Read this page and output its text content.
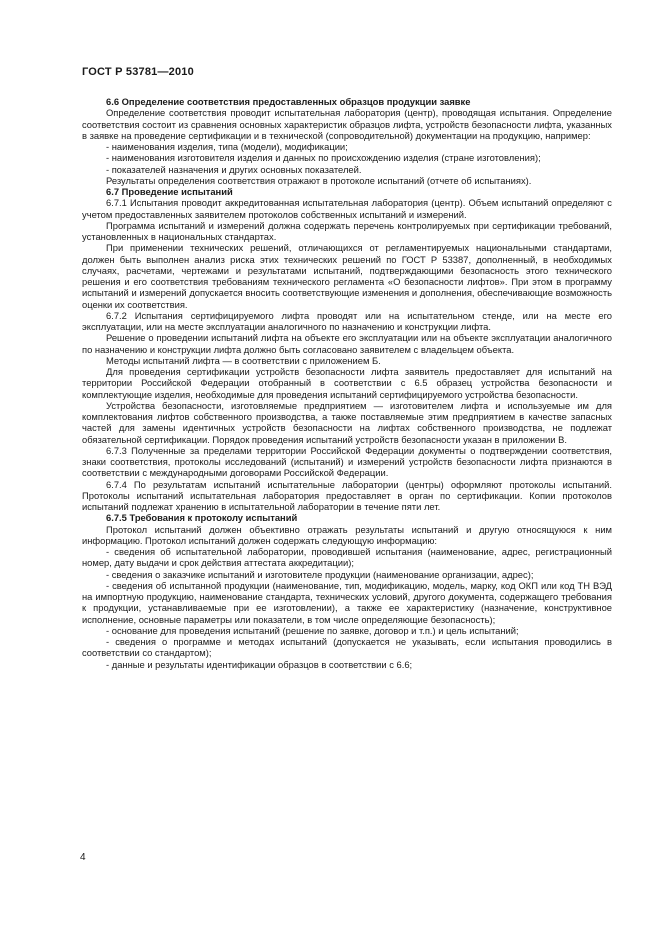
ГОСТ Р 53781—2010

6.6 Определение соответствия предоставленных образцов продукции заявке

Определение соответствия проводит испытательная лаборатория (центр), проводящая испытания. Определение соответствия состоит из сравнения основных характеристик образцов лифта, устройств безопасности лифта, указанных в заявке на проведение сертификации и в технической (сопроводительной) документации на продукцию, например:

- наименования изделия, типа (модели), модификации;

- наименования изготовителя изделия и данных по происхождению изделия (стране изготовления);

- показателей назначения и других основных показателей.

Результаты определения соответствия отражают в протоколе испытаний (отчете об испытаниях).

6.7 Проведение испытаний

6.7.1 Испытания проводит аккредитованная испытательная лаборатория (центр). Объем испытаний определяют с учетом предоставленных заявителем протоколов собственных испытаний и измерений.

Программа испытаний и измерений должна содержать перечень контролируемых при сертификации требований, установленных в национальных стандартах.

При применении технических решений, отличающихся от регламентируемых национальными стандартами, должен быть выполнен анализ риска этих технических решений по ГОСТ Р 53387, дополненный, в необходимых случаях, расчетами, чертежами и результатами испытаний, подтверждающими безопасность этого технического решения и его соответствия требованиям технического регламента «О безопасности лифтов». При этом в программу испытаний и измерений допускается вносить соответствующие изменения и дополнения, обеспечивающие возможность оценки их соответствия.

6.7.2 Испытания сертифицируемого лифта проводят или на испытательном стенде, или на месте его эксплуатации, или на месте эксплуатации аналогичного по назначению и конструкции лифта.

Решение о проведении испытаний лифта на объекте его эксплуатации или на объекте эксплуатации аналогичного по назначению и конструкции лифта должно быть согласовано заявителем с владельцем объекта.

Методы испытаний лифта — в соответствии с приложением Б.

Для проведения сертификации устройств безопасности лифта заявитель предоставляет для испытаний на территории Российской Федерации отобранный в соответствии с 6.5 образец устройства безопасности и комплектующие изделия, необходимые для проведения испытаний сертифицируемого устройства безопасности.

Устройства безопасности, изготовляемые предприятием — изготовителем лифта и используемые им для комплектования лифтов собственного производства, а также поставляемые этим предприятием в качестве запасных частей для замены идентичных устройств безопасности на лифтах собственного производства, не подлежат обязательной сертификации. Порядок проведения испытаний устройств безопасности указан в приложении В.

6.7.3 Полученные за пределами территории Российской Федерации документы о подтверждении соответствия, знаки соответствия, протоколы исследований (испытаний) и измерений устройств безопасности лифта признаются в соответствии с международными договорами Российской Федерации.

6.7.4 По результатам испытаний испытательные лаборатории (центры) оформляют протоколы испытаний. Протоколы испытаний испытательная лаборатория предоставляет в орган по сертификации. Копии протоколов испытаний подлежат хранению в испытательной лаборатории в течение пяти лет.

6.7.5 Требования к протоколу испытаний

Протокол испытаний должен объективно отражать результаты испытаний и другую относящуюся к ним информацию. Протокол испытаний должен содержать следующую информацию:

- сведения об испытательной лаборатории, проводившей испытания (наименование, адрес, регистрационный номер, дату выдачи и срок действия аттестата аккредитации);

- сведения о заказчике испытаний и изготовителе продукции (наименование организации, адрес);

- сведения об испытанной продукции (наименование, тип, модификацию, модель, марку, код ОКП или код ТН ВЭД на импортную продукцию, наименование стандарта, технических условий, другого документа, содержащего требования к продукции, устанавливаемые при ее изготовлении), а также ее характеристику (назначение, конструктивное исполнение, основные параметры или показатели, в том числе определяющие безопасность);

- основание для проведения испытаний (решение по заявке, договор и т.п.) и цель испытаний;

- сведения о программе и методах испытаний (допускается не указывать, если испытания проводились в соответствии со стандартом);

- данные и результаты идентификации образцов в соответствии с 6.6;

4
